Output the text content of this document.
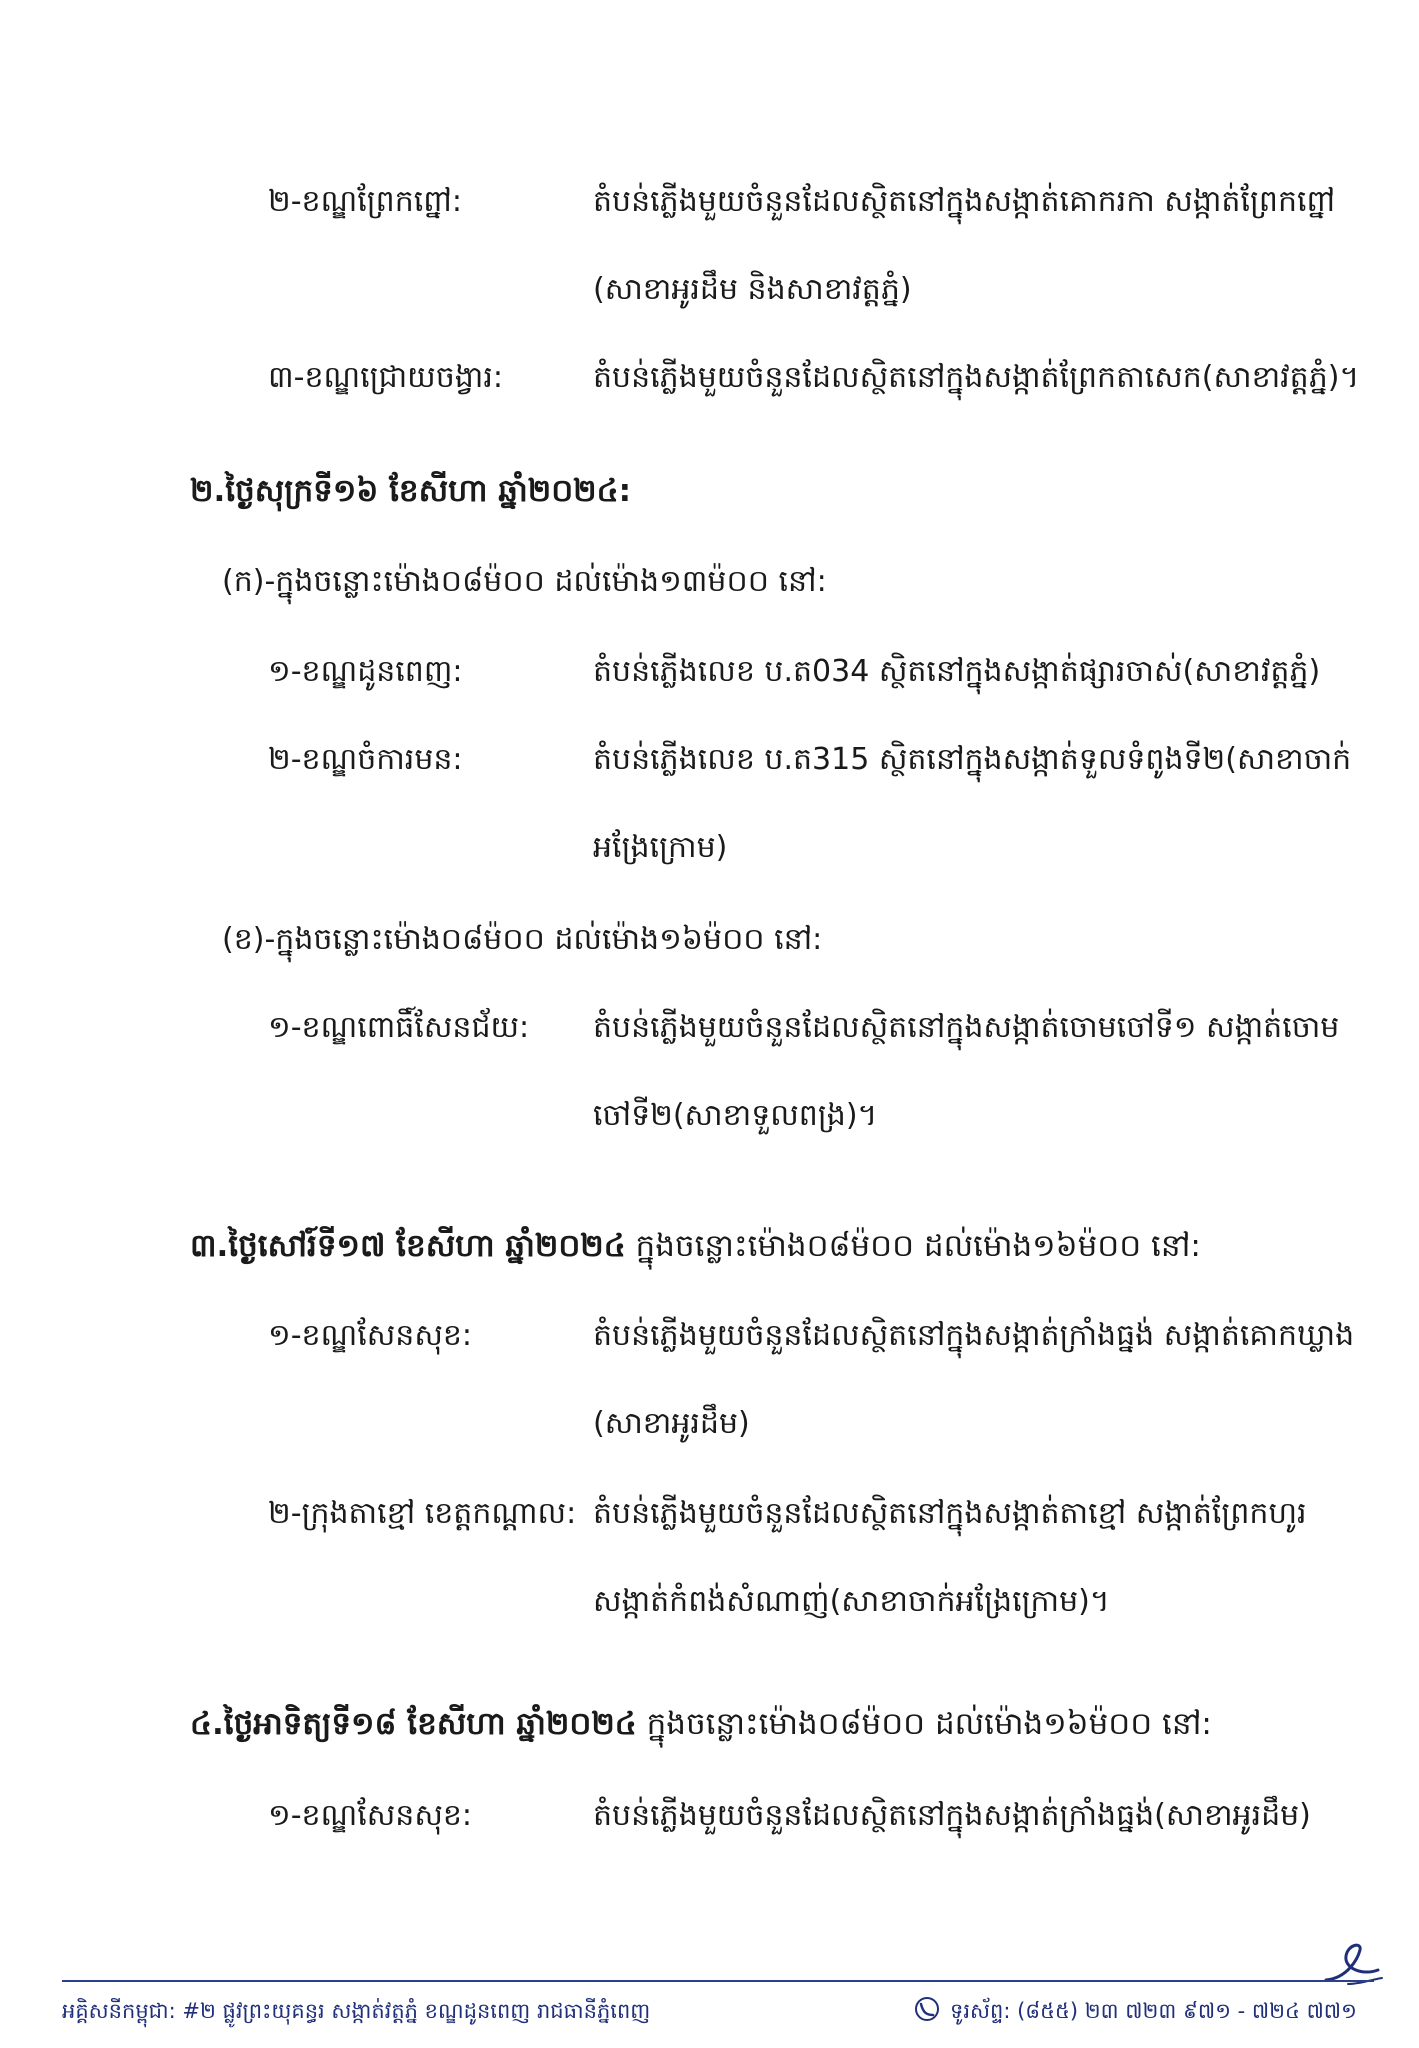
២-ខណ្ឌព្រែកព្នៅ:	តំបន់ភ្លើងមួយចំនួនដែលស្ថិតនៅក្នុងសង្កាត់គោករកា សង្កាត់ព្រែកព្នៅ
(សាខាអូរដឹម និងសាខាវត្តភ្នំ)
៣-ខណ្ឌជ្រោយចង្វារ:	តំបន់ភ្លើងមួយចំនួនដែលស្ថិតនៅក្នុងសង្កាត់ព្រែកតាសេក(សាខាវត្តភ្នំ)។
២.ថ្ងៃសុក្រទី១៦ ខែសីហា ឆ្នាំ២០២៤:
(ក)-ក្នុងចន្លោះម៉ោង០៨ម៉០០ ដល់ម៉ោង១៣ម៉០០ នៅ:
១-ខណ្ឌដូនពេញ:	តំបន់ភ្លើងលេខ ប.ត034 ស្ថិតនៅក្នុងសង្កាត់ផ្សារចាស់(សាខាវត្តភ្នំ)
២-ខណ្ឌចំការមន:	តំបន់ភ្លើងលេខ ប.ត315 ស្ថិតនៅក្នុងសង្កាត់ទួលទំពូងទី២(សាខាចាក់
អង្រែក្រោម)
(ខ)-ក្នុងចន្លោះម៉ោង០៨ម៉០០ ដល់ម៉ោង១៦ម៉០០ នៅ:
១-ខណ្ឌពោធិ៍សែនជ័យ: តំបន់ភ្លើងមួយចំនួនដែលស្ថិតនៅក្នុងសង្កាត់ចោមចៅទី១ សង្កាត់ចោម
ចៅទី២(សាខាទួលពង្រ)។
៣.ថ្ងៃសៅរ៍ទី១៧ ខែសីហា ឆ្នាំ២០២៤ ក្នុងចន្លោះម៉ោង០៨ម៉០០ ដល់ម៉ោង១៦ម៉០០ នៅ:
១-ខណ្ឌសែនសុខ:	តំបន់ភ្លើងមួយចំនួនដែលស្ថិតនៅក្នុងសង្កាត់ក្រាំងធ្នង់ សង្កាត់គោកឃ្លាង
(សាខាអូរដឹម)
២-ក្រុងតាខ្មៅ ខេត្តកណ្ដាល: តំបន់ភ្លើងមួយចំនួនដែលស្ថិតនៅក្នុងសង្កាត់តាខ្មៅ សង្កាត់ព្រែកហូរ
សង្កាត់កំពង់សំណាញ់(សាខាចាក់អង្រែក្រោម)។
៤.ថ្ងៃអាទិត្យទី១៨ ខែសីហា ឆ្នាំ២០២៤ ក្នុងចន្លោះម៉ោង០៨ម៉០០ ដល់ម៉ោង១៦ម៉០០ នៅ:
១-ខណ្ឌសែនសុខ:	តំបន់ភ្លើងមួយចំនួនដែលស្ថិតនៅក្នុងសង្កាត់ក្រាំងធ្នង់(សាខាអូរដឹម)
អគ្គិសនីកម្ពុជា: #២ ផ្លូវព្រះយុគន្ធរ សង្កាត់វត្តភ្នំ ខណ្ឌដូនពេញ រាជធានីភ្នំពេញ	ទូរស័ព្ទ: (៨៥៥) ២៣ ៧២៣ ៩៧១ - ៧២៤ ៧៧១
